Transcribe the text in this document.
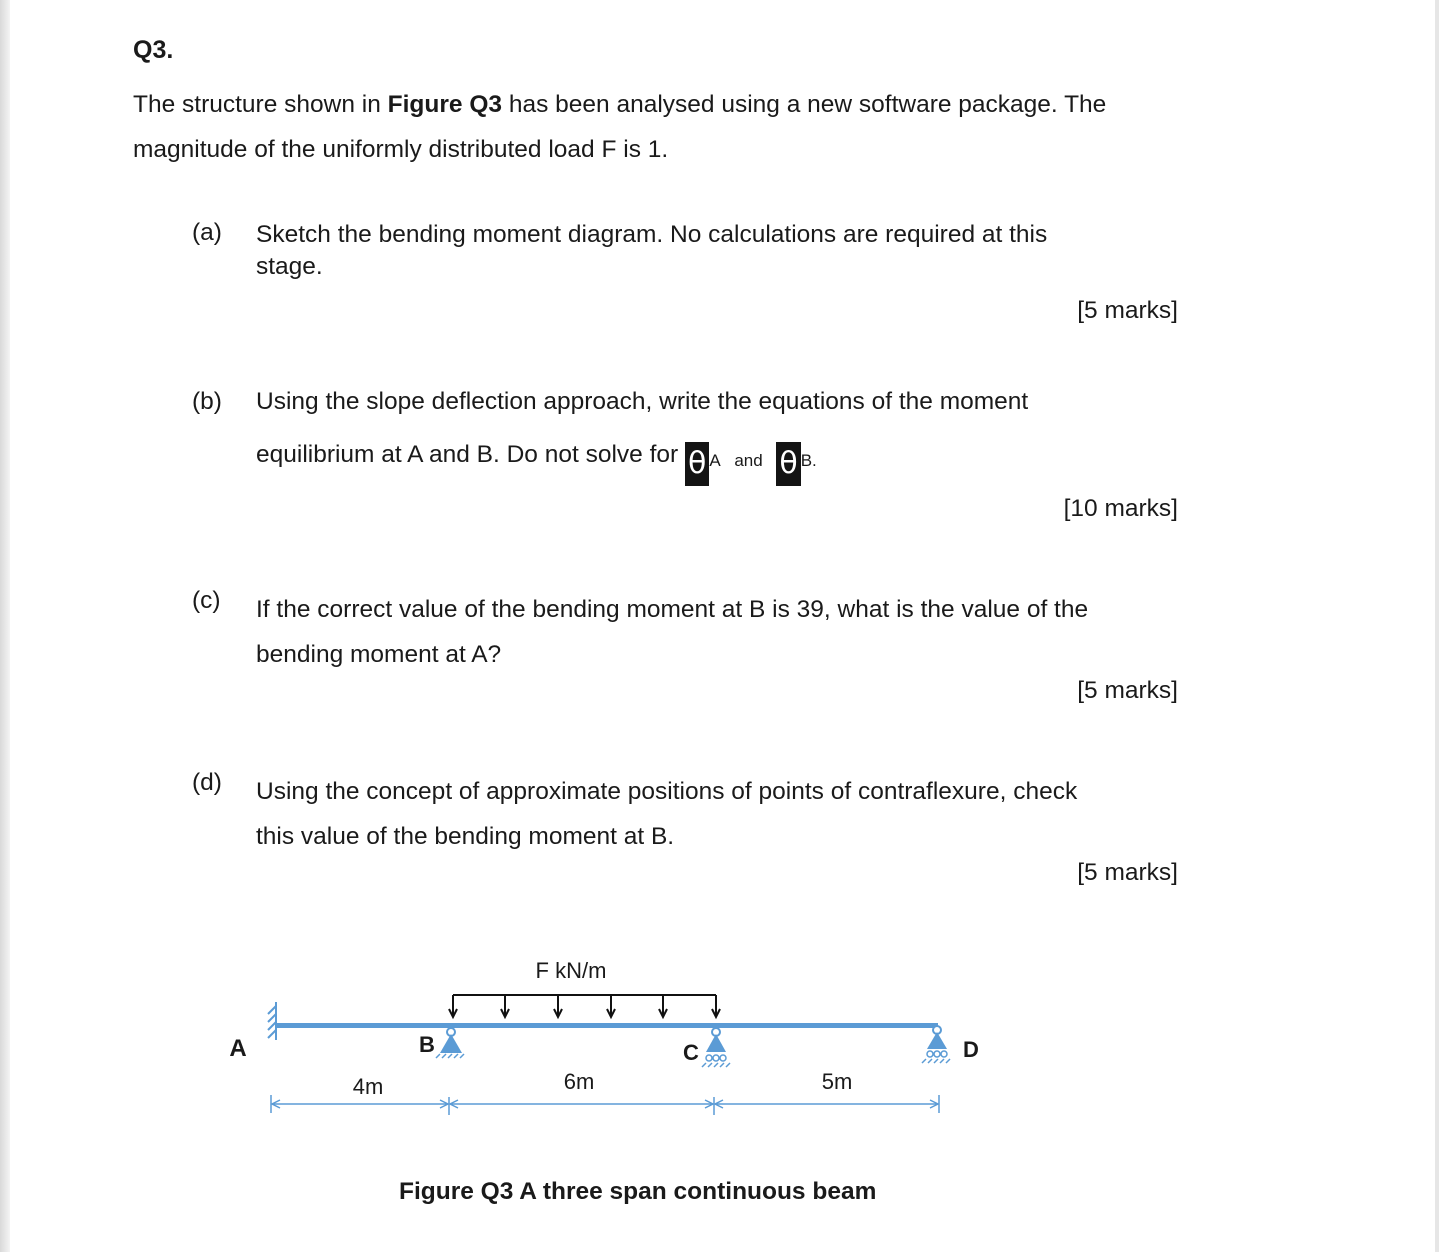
Q3.
The structure shown in Figure Q3 has been analysed using a new software package. The
magnitude of the uniformly distributed load F is 1.
(a) Sketch the bending moment diagram. No calculations are required at this
stage.
[5 marks]
(b) Using the slope deflection approach, write the equations of the moment
equilibrium at A and B. Do not solve for θ A and θ B.
[10 marks]
(c) If the correct value of the bending moment at B is 39, what is the value of the
bending moment at A?
[5 marks]
(d) Using the concept of approximate positions of points of contraflexure, check
this value of the bending moment at B.
[5 marks]
F kN/m
A	B	C	D
4m	6m	5m
Figure Q3 A three span continuous beam
